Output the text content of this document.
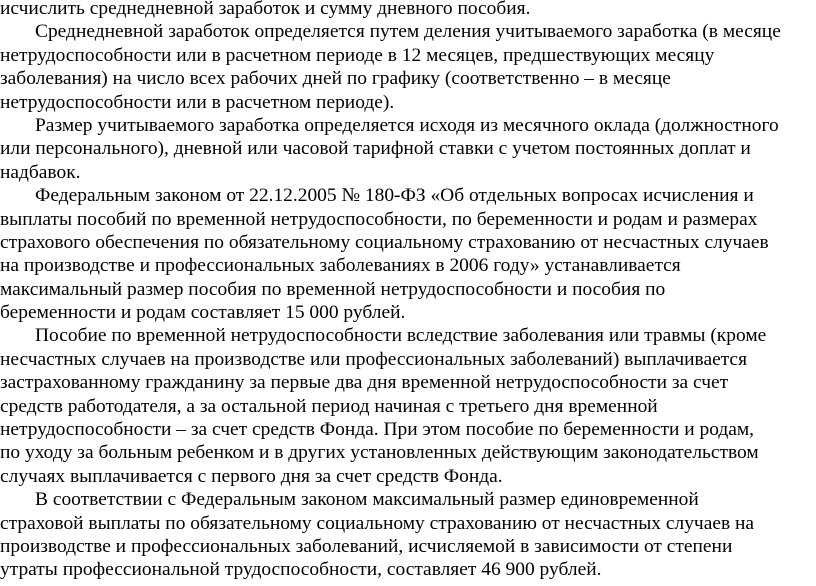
исчислить среднедневной заработок и сумму дневного пособия.
Среднедневной заработок определяется путем деления учитываемого заработка (в месяце
нетрудоспособности или в расчетном периоде в 12 месяцев, предшествующих месяцу
заболевания) на число всех рабочих дней по графику (соответственно – в месяце
нетрудоспособности или в расчетном периоде).
Размер учитываемого заработка определяется исходя из месячного оклада (должностного
или персонального), дневной или часовой тарифной ставки с учетом постоянных доплат и
надбавок.
Федеральным законом от 22.12.2005 № 180-ФЗ «Об отдельных вопросах исчисления и
выплаты пособий по временной нетрудоспособности, по беременности и родам и размерах
страхового обеспечения по обязательному социальному страхованию от несчастных случаев
на производстве и профессиональных заболеваниях в 2006 году» устанавливается
максимальный размер пособия по временной нетрудоспособности и пособия по
беременности и родам составляет 15 000 рублей.
Пособие по временной нетрудоспособности вследствие заболевания или травмы (кроме
несчастных случаев на производстве или профессиональных заболеваний) выплачивается
застрахованному гражданину за первые два дня временной нетрудоспособности за счет
средств работодателя, а за остальной период начиная с третьего дня временной
нетрудоспособности – за счет средств Фонда. При этом пособие по беременности и родам,
по уходу за больным ребенком и в других установленных действующим законодательством
случаях выплачивается с первого дня за счет средств Фонда.
В соответствии с Федеральным законом максимальный размер единовременной
страховой выплаты по обязательному социальному страхованию от несчастных случаев на
производстве и профессиональных заболеваний, исчисляемой в зависимости от степени
утраты профессиональной трудоспособности, составляет 46 900 рублей.
